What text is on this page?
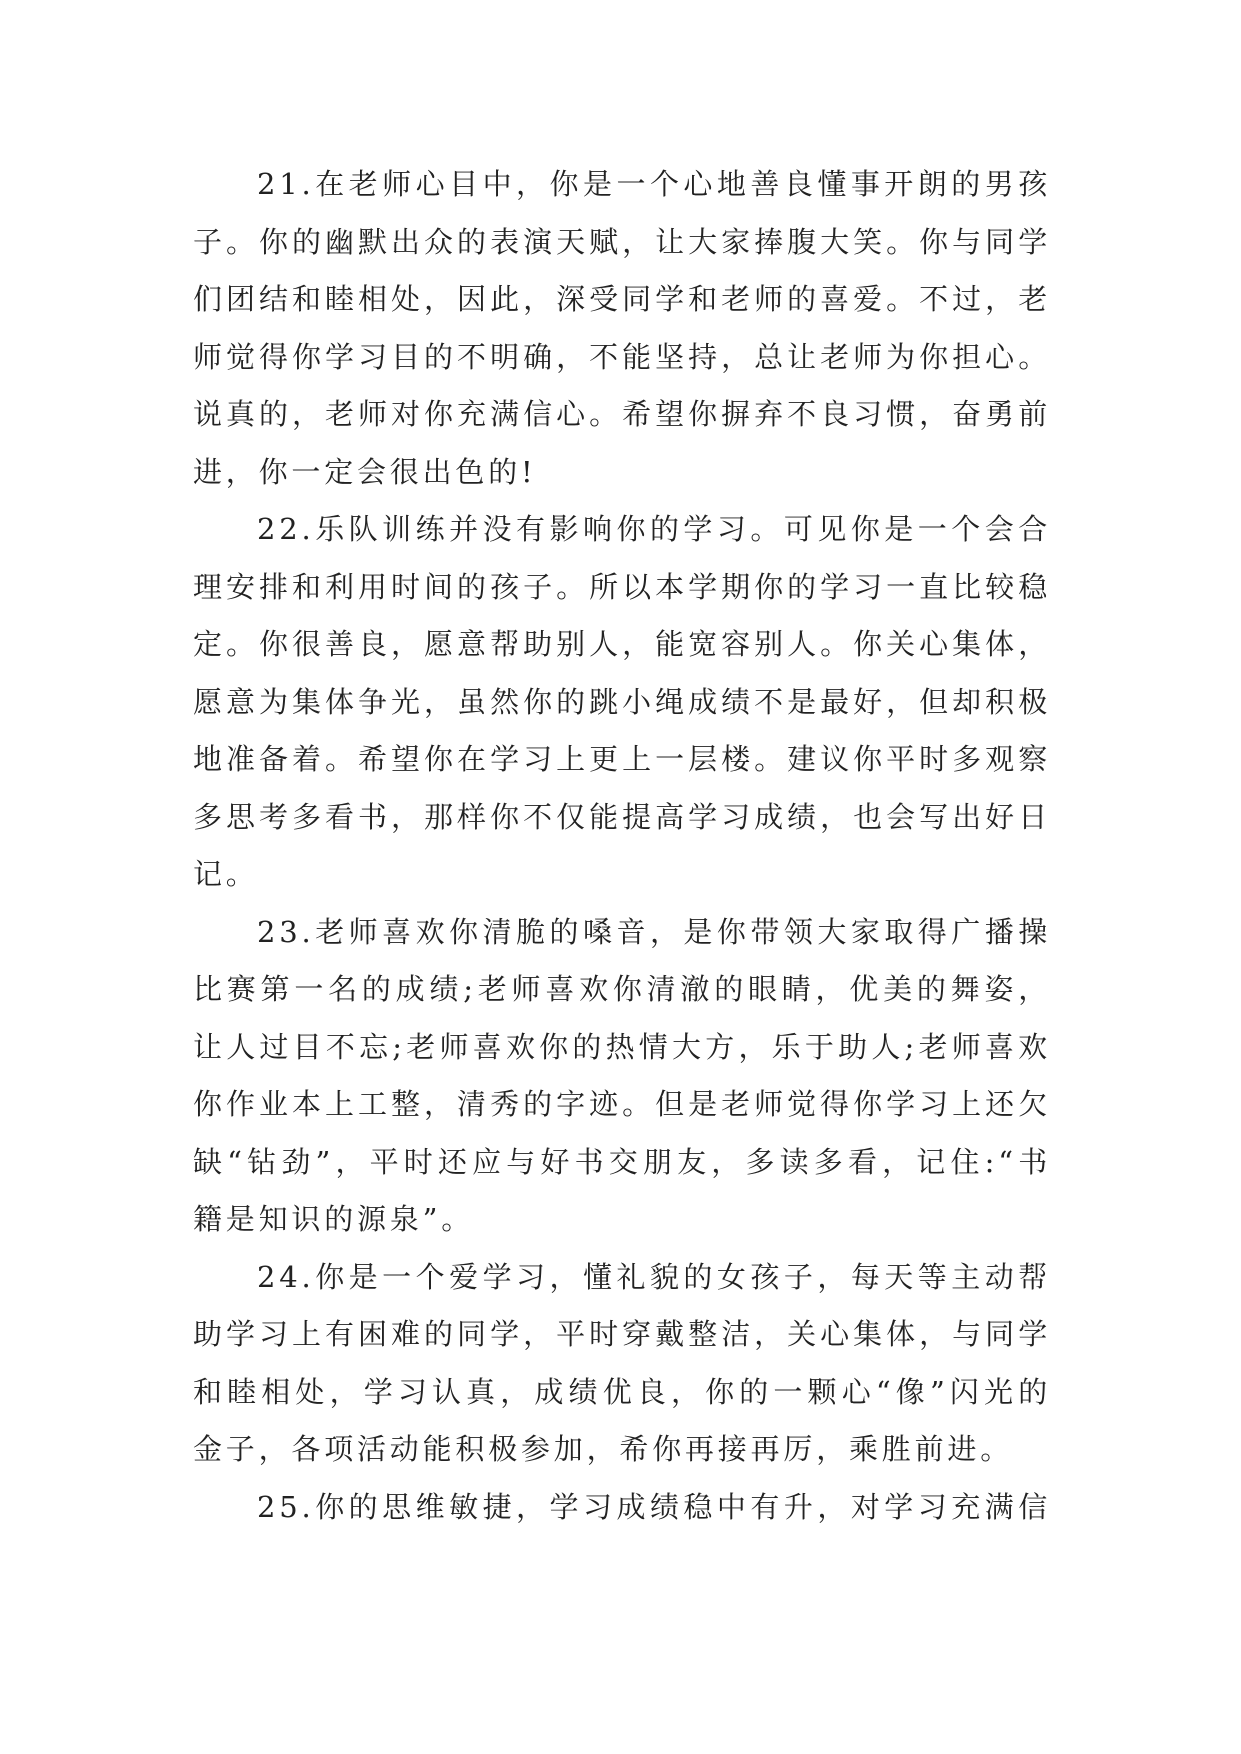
21.在老师心目中，你是一个心地善良懂事开朗的男孩
子。你的幽默出众的表演天赋，让大家捧腹大笑。你与同学
们团结和睦相处，因此，深受同学和老师的喜爱。不过，老
师觉得你学习目的不明确，不能坚持，总让老师为你担心。
说真的，老师对你充满信心。希望你摒弃不良习惯，奋勇前
进，你一定会很出色的!
22.乐队训练并没有影响你的学习。可见你是一个会合
理安排和利用时间的孩子。所以本学期你的学习一直比较稳
定。你很善良，愿意帮助别人，能宽容别人。你关心集体，
愿意为集体争光，虽然你的跳小绳成绩不是最好，但却积极
地准备着。希望你在学习上更上一层楼。建议你平时多观察
多思考多看书，那样你不仅能提高学习成绩，也会写出好日
记。
23.老师喜欢你清脆的嗓音，是你带领大家取得广播操
比赛第一名的成绩;老师喜欢你清澈的眼睛，优美的舞姿，
让人过目不忘;老师喜欢你的热情大方，乐于助人;老师喜欢
你作业本上工整，清秀的字迹。但是老师觉得你学习上还欠
缺“钻劲”，平时还应与好书交朋友，多读多看，记住:“书
籍是知识的源泉”。
24.你是一个爱学习，懂礼貌的女孩子，每天等主动帮
助学习上有困难的同学，平时穿戴整洁，关心集体，与同学
和睦相处，学习认真，成绩优良，你的一颗心“像”闪光的
金子，各项活动能积极参加，希你再接再厉，乘胜前进。
25.你的思维敏捷，学习成绩稳中有升，对学习充满信
